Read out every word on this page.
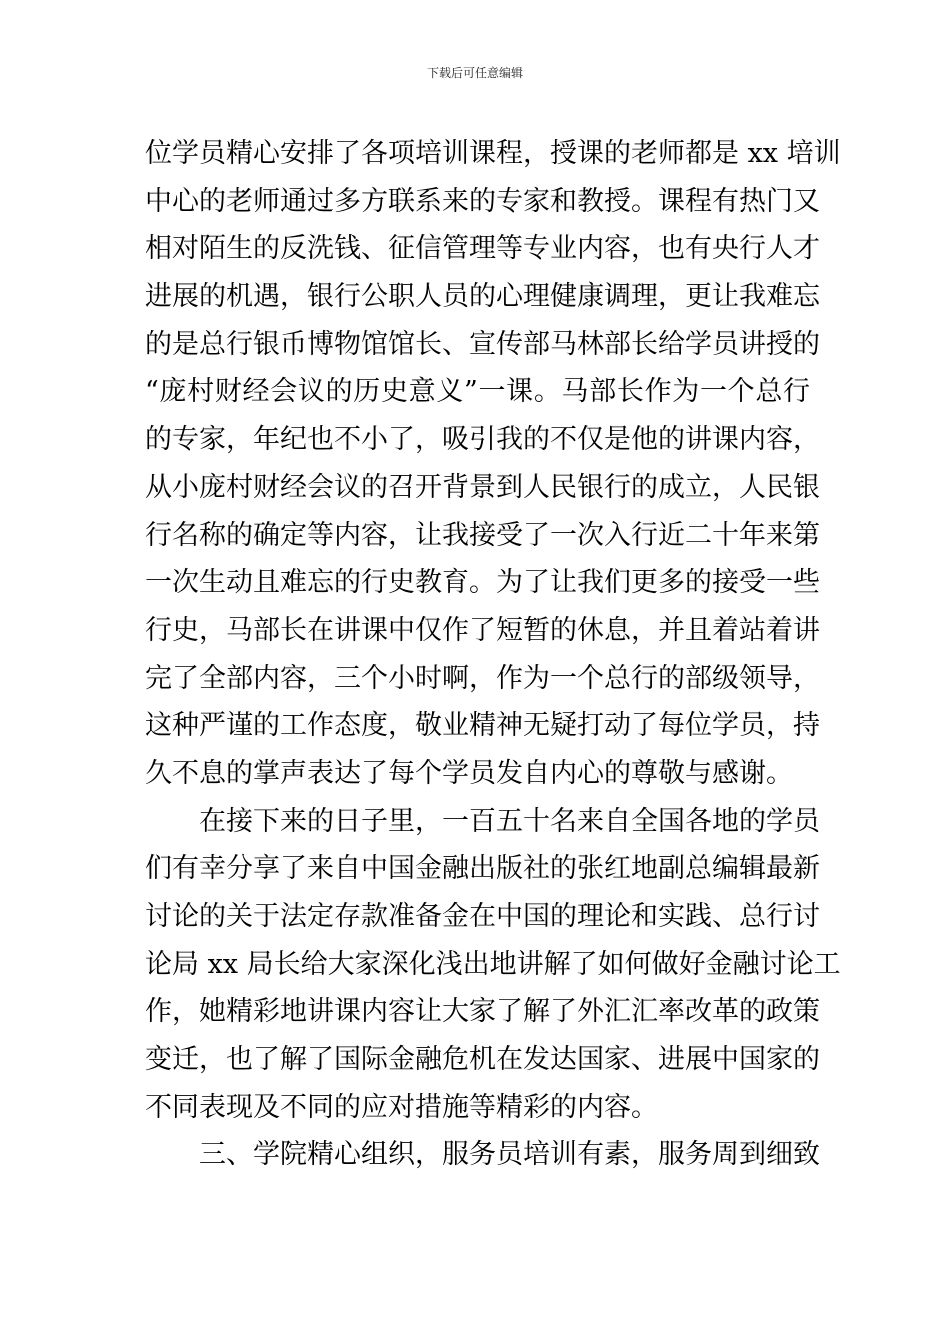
下载后可任意编辑
位学员精心安排了各项培训课程，授课的老师都是 xx 培训
中心的老师通过多方联系来的专家和教授。课程有热门又
相对陌生的反洗钱、征信管理等专业内容，也有央行人才
进展的机遇，银行公职人员的心理健康调理，更让我难忘
的是总行银币博物馆馆长、宣传部马林部长给学员讲授的
“庞村财经会议的历史意义”一课。马部长作为一个总行
的专家，年纪也不小了，吸引我的不仅是他的讲课内容，
从小庞村财经会议的召开背景到人民银行的成立，人民银
行名称的确定等内容，让我接受了一次入行近二十年来第
一次生动且难忘的行史教育。为了让我们更多的接受一些
行史，马部长在讲课中仅作了短暂的休息，并且着站着讲
完了全部内容，三个小时啊，作为一个总行的部级领导，
这种严谨的工作态度，敬业精神无疑打动了每位学员，持
久不息的掌声表达了每个学员发自内心的尊敬与感谢。
在接下来的日子里，一百五十名来自全国各地的学员
们有幸分享了来自中国金融出版社的张红地副总编辑最新
讨论的关于法定存款准备金在中国的理论和实践、总行讨
论局 xx 局长给大家深化浅出地讲解了如何做好金融讨论工
作，她精彩地讲课内容让大家了解了外汇汇率改革的政策
变迁，也了解了国际金融危机在发达国家、进展中国家的
不同表现及不同的应对措施等精彩的内容。
三、学院精心组织，服务员培训有素，服务周到细致
